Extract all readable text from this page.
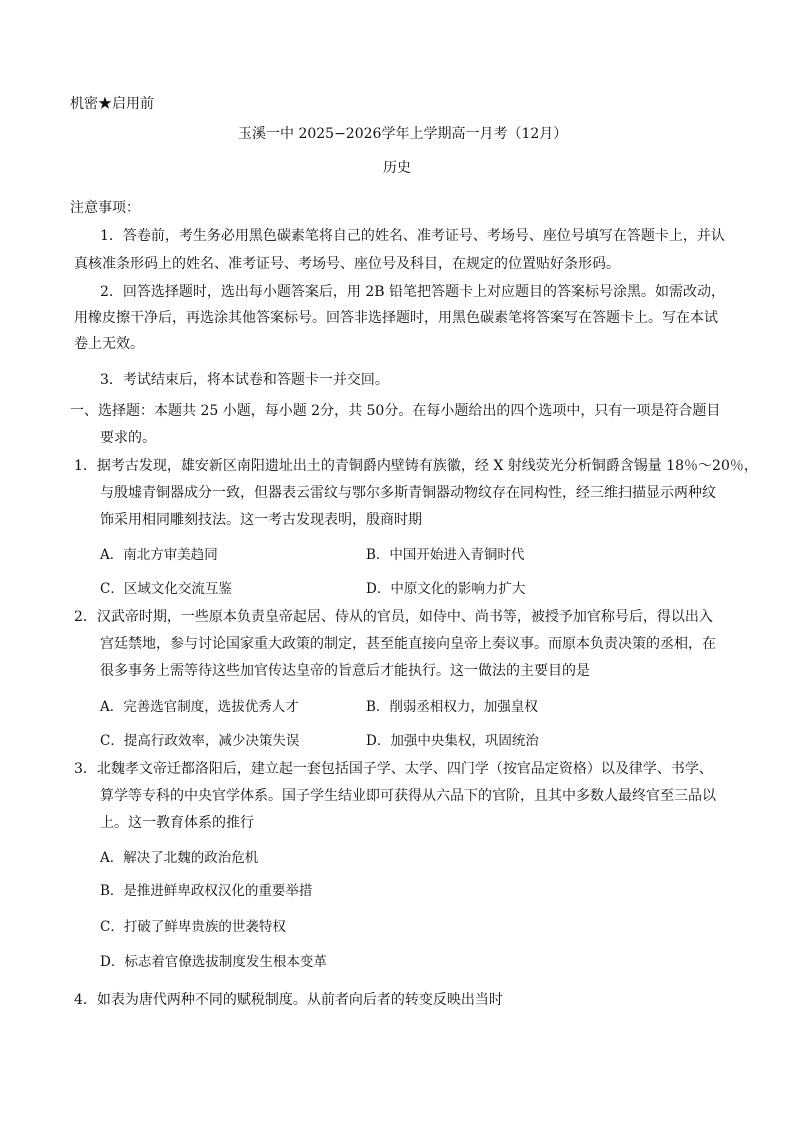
机密★启用前
玉溪一中 2025−2026学年上学期高一月考（12月）
历史
注意事项：
1．答卷前，考生务必用黑色碳素笔将自己的姓名、准考证号、考场号、座位号填写在答题卡上，并认
真核准条形码上的姓名、准考证号、考场号、座位号及科目，在规定的位置贴好条形码。
2．回答选择题时，选出每小题答案后，用 2B 铅笔把答题卡上对应题目的答案标号涂黑。如需改动，
用橡皮擦干净后，再选涂其他答案标号。回答非选择题时，用黑色碳素笔将答案写在答题卡上。写在本试
卷上无效。
3．考试结束后，将本试卷和答题卡一并交回。
一、选择题：本题共 25 小题，每小题 2分，共 50分。在每小题给出的四个选项中，只有一项是符合题目
要求的。
1．据考古发现，雄安新区南阳遗址出土的青铜爵内壁铸有族徽，经 X 射线荧光分析铜爵含锡量 18％～20％，
与殷墟青铜器成分一致，但器表云雷纹与鄂尔多斯青铜器动物纹存在同构性，经三维扫描显示两种纹
饰采用相同雕刻技法。这一考古发现表明，殷商时期
A．南北方审美趋同	B．中国开始进入青铜时代
C．区域文化交流互鉴	D．中原文化的影响力扩大
2．汉武帝时期，一些原本负责皇帝起居、侍从的官员，如侍中、尚书等，被授予加官称号后，得以出入
宫廷禁地，参与讨论国家重大政策的制定，甚至能直接向皇帝上奏议事。而原本负责决策的丞相，在
很多事务上需等待这些加官传达皇帝的旨意后才能执行。这一做法的主要目的是
A．完善选官制度，选拔优秀人才	B．削弱丞相权力，加强皇权
C．提高行政效率，减少决策失误	D．加强中央集权，巩固统治
3．北魏孝文帝迁都洛阳后，建立起一套包括国子学、太学、四门学（按官品定资格）以及律学、书学、
算学等专科的中央官学体系。国子学生结业即可获得从六品下的官阶，且其中多数人最终官至三品以
上。这一教育体系的推行
A．解决了北魏的政治危机
B．是推进鲜卑政权汉化的重要举措
C．打破了鲜卑贵族的世袭特权
D．标志着官僚选拔制度发生根本变革
4．如表为唐代两种不同的赋税制度。从前者向后者的转变反映出当时
